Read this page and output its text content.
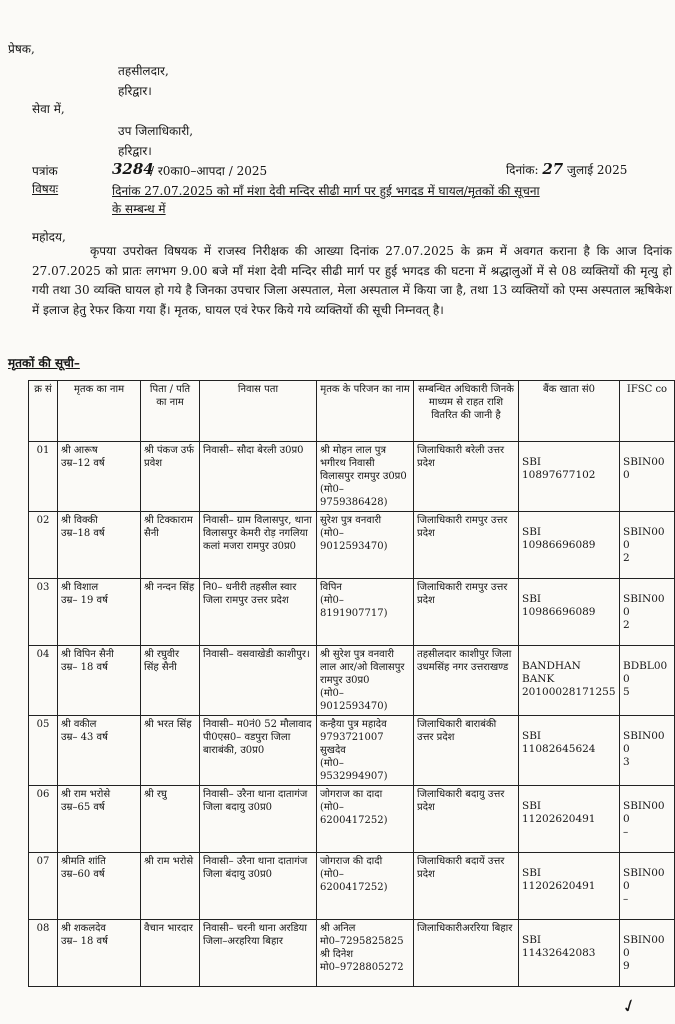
प्रेषक,
तहसीलदार,
हरिद्वार।
सेवा में,
उप जिलाधिकारी,
हरिद्वार।
पत्रांक	3284
/ र0का0–आपदा / 2025	दिनांक: 27 जुलाई 2025
विषयः	दिनांक 27.07.2025 को माँ मंशा देवी मन्दिर सीढी मार्ग पर हुई भगदड में घायल/मृतकों की सूचना
के सम्बन्ध में
महोदय,
कृपया उपरोक्त विषयक में राजस्व निरीक्षक की आख्या दिनांक 27.07.2025 के क्रम में अवगत कराना है कि आज दिनांक 27.07.2025 को प्रातः लगभग 9.00 बजे माँ मंशा देवी मन्दिर सीढी मार्ग पर हुई भगदड की घटना में श्रद्धालुओं में से 08 व्यक्तियों की मृत्यु हो गयी तथा 30 व्यक्ति घायल हो गये है जिनका उपचार जिला अस्पताल, मेला अस्पताल में किया जा है, तथा 13 व्यक्तियों को एम्स अस्पताल ऋषिकेश में इलाज हेतु रेफर किया गया हैं। मृतक, घायल एवं रेफर किये गये व्यक्तियों की सूची निम्नवत् है।
मृतकों की सूची–
क्र सं	मृतक का नाम	पिता / पति का नाम	निवास पता	मृतक के परिजन का नाम	सम्बन्धित अधिकारी जिनके माध्यम से राहत राशि वितरित की जानी है	बैंक खाता सं0	IFSC co
01	श्री आरूष
उम्र–12 वर्ष	श्री पंकज उर्फ प्रवेश	निवासी– सौदा बेरली उ0प्र0	श्री मोहन लाल पुत्र भगीरथ निवासी विलासपुर रामपुर उ0प्र0
(मो0–9759386428)	जिलाधिकारी बरेली उत्तर प्रदेश	SBI
10897677102	SBIN000
02	श्री विक्की
उम्र–18 वर्ष	श्री टिक्काराम सैनी	निवासी– ग्राम विलासपुर, थाना विलासपुर केमरी रोड़ नगलिया कलां मजरा रामपुर उ0प्र0	सुरेश पुत्र वनवारी
(मो0–9012593470)	जिलाधिकारी रामपुर उत्तर प्रदेश	SBI
10986696089	SBIN000
2
03	श्री विशाल
उम्र– 19 वर्ष	श्री नन्दन सिंह	नि0– धनीरी तहसील स्वार जिला रामपुर उत्तर प्रदेश	विपिन
(मो0–
8191907717)	जिलाधिकारी रामपुर उत्तर प्रदेश	SBI
10986696089	SBIN000
2
04	श्री विपिन सैनी
उम्र– 18 वर्ष	श्री रघुवीर सिंह सैनी	निवासी– वसवाखेडी काशीपुर।	श्री सुरेश पुत्र वनवारी लाल आर/ओ विलासपुर रामपुर उ0प्र0
(मो0–9012593470)	तहसीलदार काशीपुर जिला उधमसिंह नगर उत्तराखण्ड	BANDHAN BANK
20100028171255	BDBL000
5
05	श्री वकील
उम्र– 43 वर्ष	श्री भरत सिंह	निवासी– म0नं0 52 मौलावाद पी0एस0– वडपुरा जिला बाराबंकी, उ0प्र0	कन्हैया पुत्र महादेव 9793721007
सुखदेव
(मो0–9532994907)	जिलाधिकारी बाराबंकी उत्तर प्रदेश	SBI
11082645624	SBIN000
3
06	श्री राम भरोसे
उम्र–65 वर्ष	श्री रघु	निवासी– उरैना थाना दातागंज जिला बदायु उ0प्र0	जोगराज का दादा
(मो0–
6200417252)	जिलाधिकारी बदायु उत्तर प्रदेश	SBI
11202620491	SBIN000
–
07	श्रीमति शांति
उम्र–60 वर्ष	श्री राम भरोसे	निवासी– उरैना थाना दातागंज जिला बंदायु उ0प्र0	जोगराज की दादी
(मो0–
6200417252)	जिलाधिकारी बदायें उत्तर प्रदेश	SBI
11202620491	SBIN000
–
08	श्री शकलदेव
उम्र– 18 वर्ष	वैचान भारदार	निवासी– चरनी थाना अरडिया जिला–अरहरिया बिहार	श्री अनिल
मो0–7295825825
श्री दिनेश
मो0–9728805272	जिलाधिकारीअररिया बिहार	SBI
11432642083	SBIN000
9
✓
